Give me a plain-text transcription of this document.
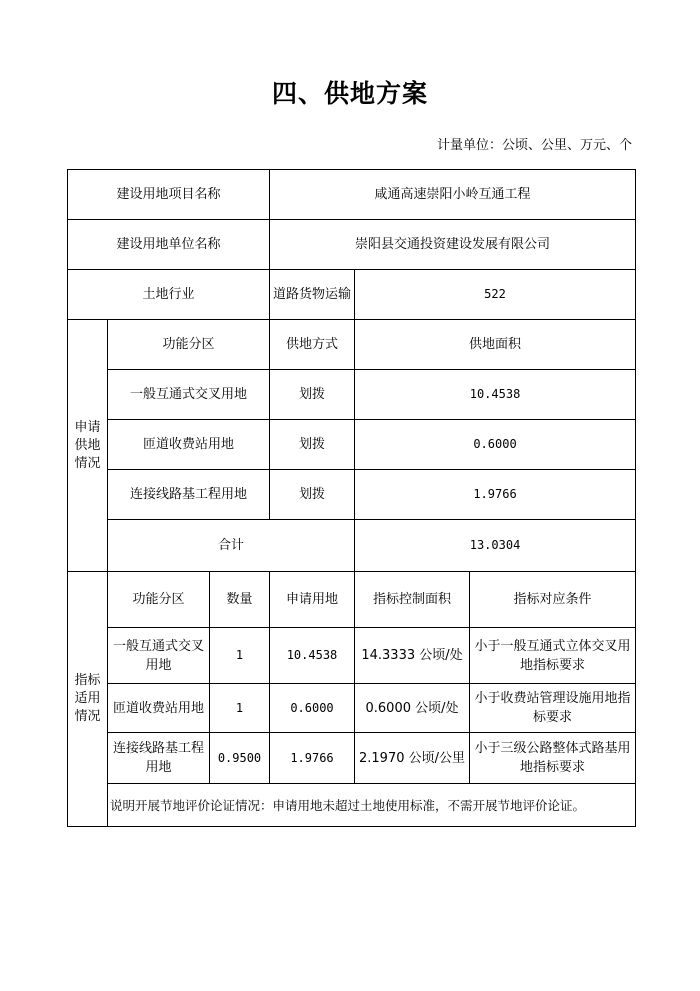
四、供地方案
计量单位：公顷、公里、万元、个
建设用地项目名称			咸通高速崇阳小岭互通工程		
建设用地单位名称			崇阳县交通投资建设发展有限公司		
土地行业			道路货物运输	522	
申请
供地
情况	功能分区		供地方式	供地面积	
	一般互通式交叉用地		划拨	10.4538	
	匝道收费站用地		划拨	0.6000	
	连接线路基工程用地		划拨	1.9766	
	合计			13.0304	
指标
适用
情况	功能分区	数量	申请用地	指标控制面积	指标对应条件
	一般互通式交叉用地	1	10.4538	14.3333 公顷/处	小于一般互通式立体交叉用地指标要求
	匝道收费站用地	1	0.6000	0.6000 公顷/处	小于收费站管理设施用地指标要求
	连接线路基工程用地	0.9500	1.9766	2.1970 公顷/公里	小于三级公路整体式路基用地指标要求
	说明开展节地评价论证情况：申请用地未超过土地使用标准，不需开展节地评价论证。				
